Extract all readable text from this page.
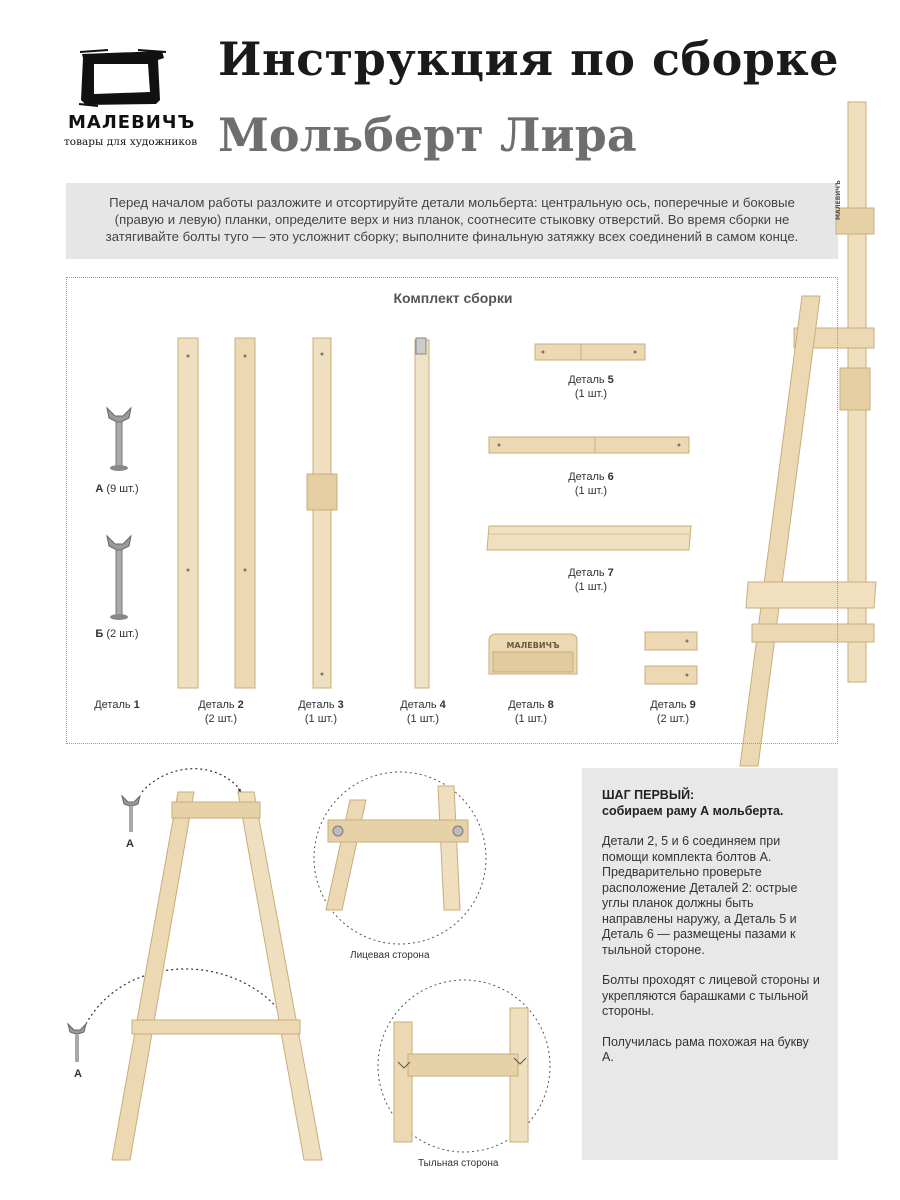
МАЛЕВИЧЪ
товары для художников
Инструкция по сборке
Мольберт Лира
Перед началом работы разложите и отсортируйте детали мольберта: центральную ось, поперечные и боковые (правую и левую) планки, определите верх и низ планок, соотнесите стыковку отверстий. Во время сборки не затягивайте болты туго — это усложнит сборку; выполните финальную затяжку всех соединений в самом конце.
МАЛЕВИЧЪ
Комплект сборки
А (9 шт.)
Б (2 шт.)
МАЛЕВИЧЪ
Деталь 1	Деталь 2
(2 шт.)
Деталь 3
(1 шт.)
Деталь 4
(1 шт.)
Деталь 5
(1 шт.)
Деталь 6
(1 шт.)
Деталь 7
(1 шт.)
Деталь 8
(1 шт.)
Деталь 9
(2 шт.)
А
А
Лицевая сторона
Тыльная сторона
ШАГ ПЕРВЫЙ:
собираем раму А мольберта.

Детали 2, 5 и 6 соединяем при помощи комплекта болтов А. Предварительно проверьте расположение Деталей 2: острые углы планок должны быть направлены наружу, а Деталь 5 и Деталь 6 — размещены пазами к тыльной стороне.

Болты проходят с лицевой стороны и укрепляются барашками с тыльной стороны.

Получилась рама похожая на букву А.
